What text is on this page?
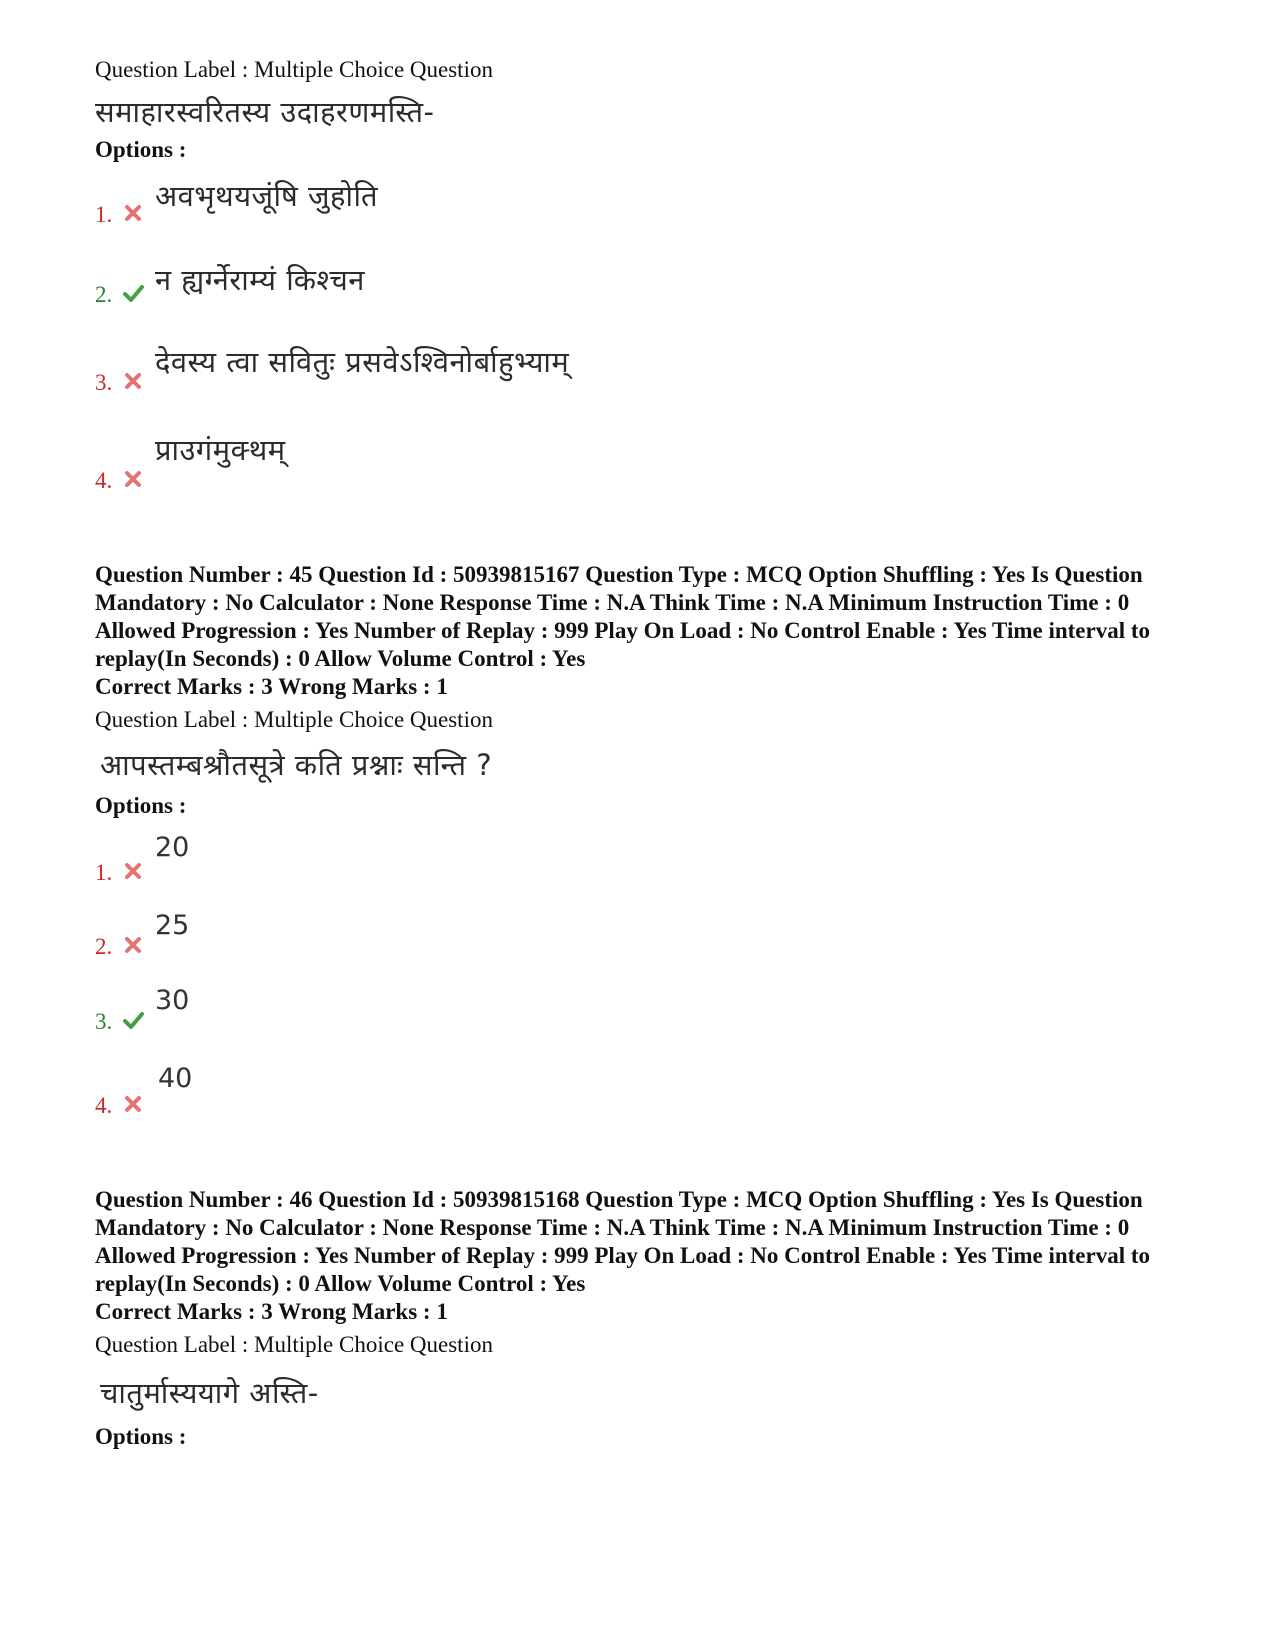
Question Label : Multiple Choice Question
समाहारस्वरितस्य उदाहरणमस्ति-
Options :
1.
अवभृथयजूंषि जुहोति
2. न ह्यर्ग्नेराम्यं किश्चन
3.
देवस्य त्वा सवितुः प्रसवेऽश्विनोर्बाहुभ्याम्
4.
प्राउगंमुक्थम्
Question Number : 45 Question Id : 50939815167 Question Type : MCQ Option Shuffling : Yes Is Question Mandatory : No Calculator : None Response Time : N.A Think Time : N.A Minimum Instruction Time : 0 Allowed Progression : Yes Number of Replay : 999 Play On Load : No Control Enable : Yes Time interval to replay(In Seconds) : 0 Allow Volume Control : Yes
Correct Marks : 3 Wrong Marks : 1
Question Label : Multiple Choice Question
आपस्तम्बश्रौतसूत्रे कति प्रश्नाः सन्ति ?
Options :
1.
20
2.
25
3.
30
4.
40
Question Number : 46 Question Id : 50939815168 Question Type : MCQ Option Shuffling : Yes Is Question Mandatory : No Calculator : None Response Time : N.A Think Time : N.A Minimum Instruction Time : 0 Allowed Progression : Yes Number of Replay : 999 Play On Load : No Control Enable : Yes Time interval to replay(In Seconds) : 0 Allow Volume Control : Yes
Correct Marks : 3 Wrong Marks : 1
Question Label : Multiple Choice Question
चातुर्मास्ययागे अस्ति-
Options :
